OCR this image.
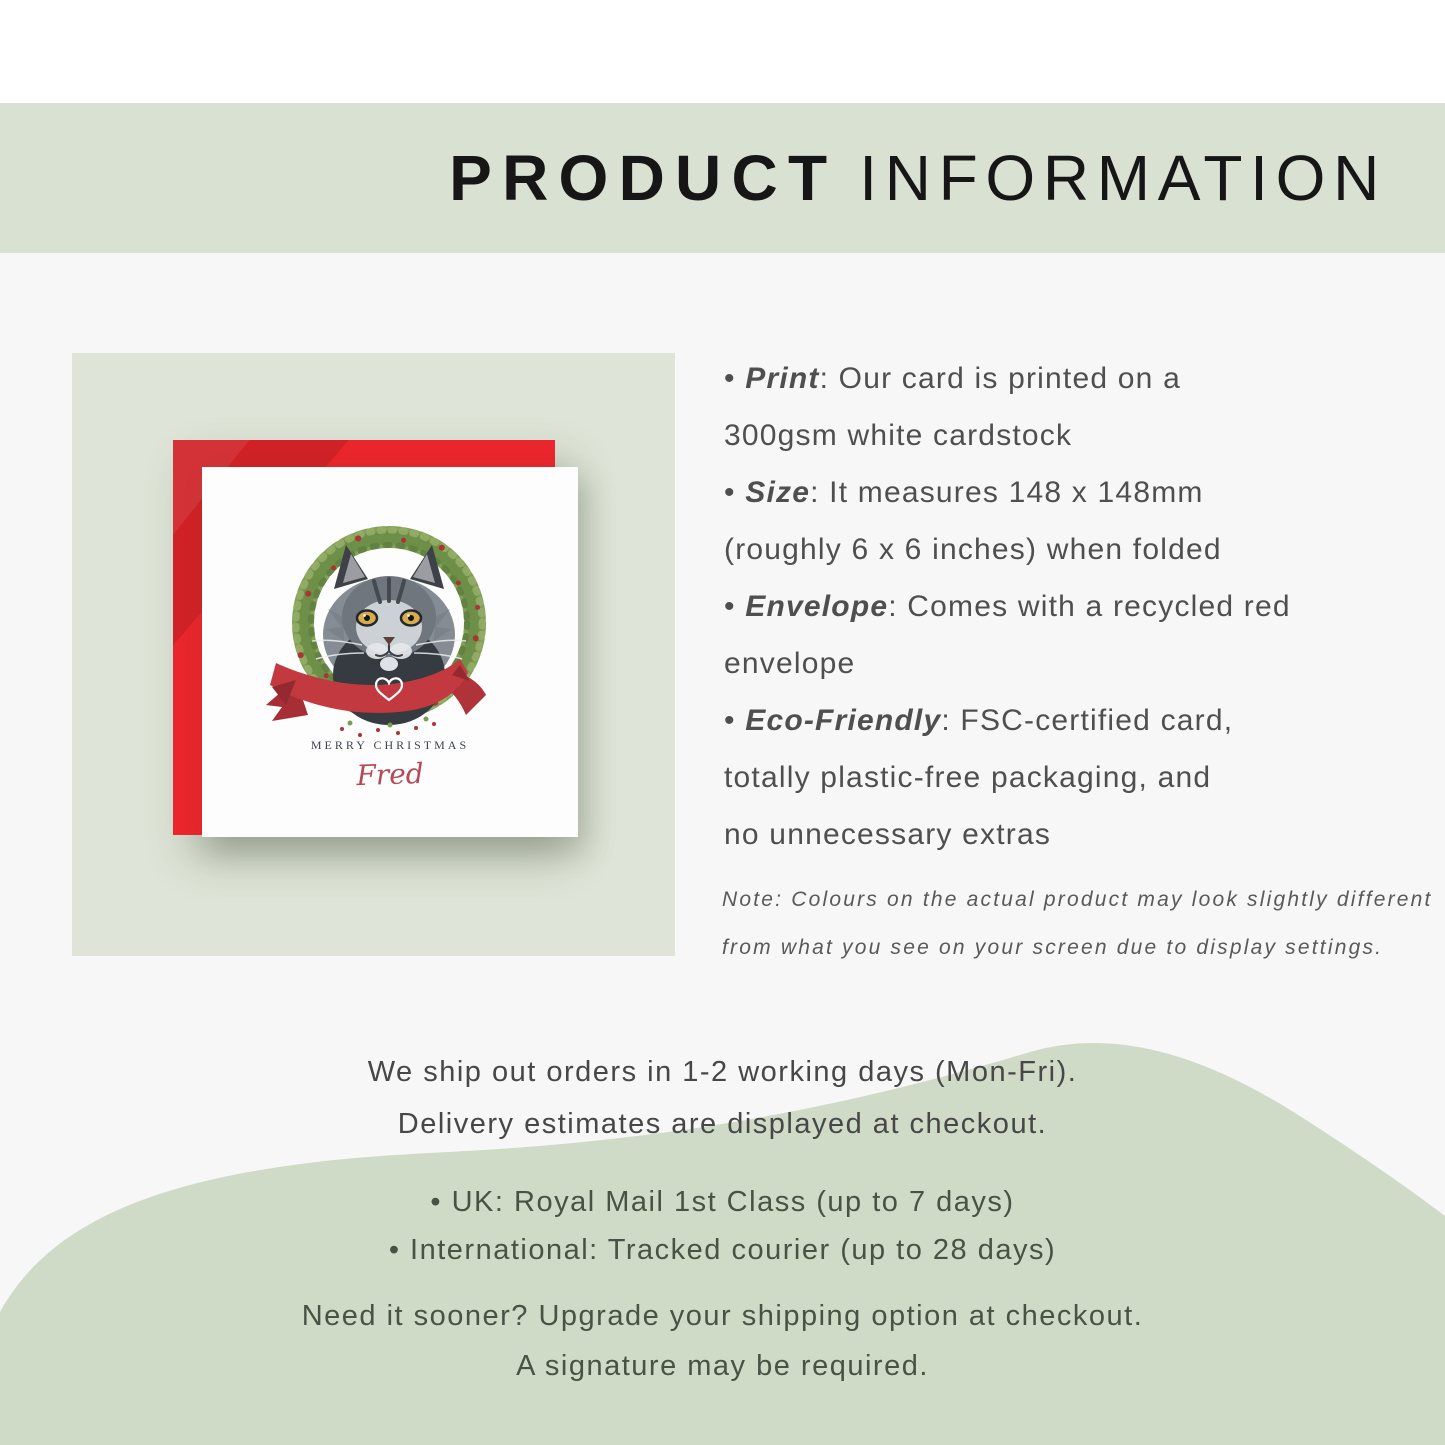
PRODUCT INFORMATION
MERRY CHRISTMAS
Fred
• Print: Our card is printed on a
300gsm white cardstock
• Size: It measures 148 x 148mm
(roughly 6 x 6 inches) when folded
• Envelope: Comes with a recycled red
envelope
• Eco-Friendly: FSC-certified card,
totally plastic-free packaging, and
no unnecessary extras
Note: Colours on the actual product may look slightly different
from what you see on your screen due to display settings.
We ship out orders in 1-2 working days (Mon-Fri).
Delivery estimates are displayed at checkout.
• UK: Royal Mail 1st Class (up to 7 days)
• International: Tracked courier (up to 28 days)
Need it sooner? Upgrade your shipping option at checkout.
A signature may be required.
